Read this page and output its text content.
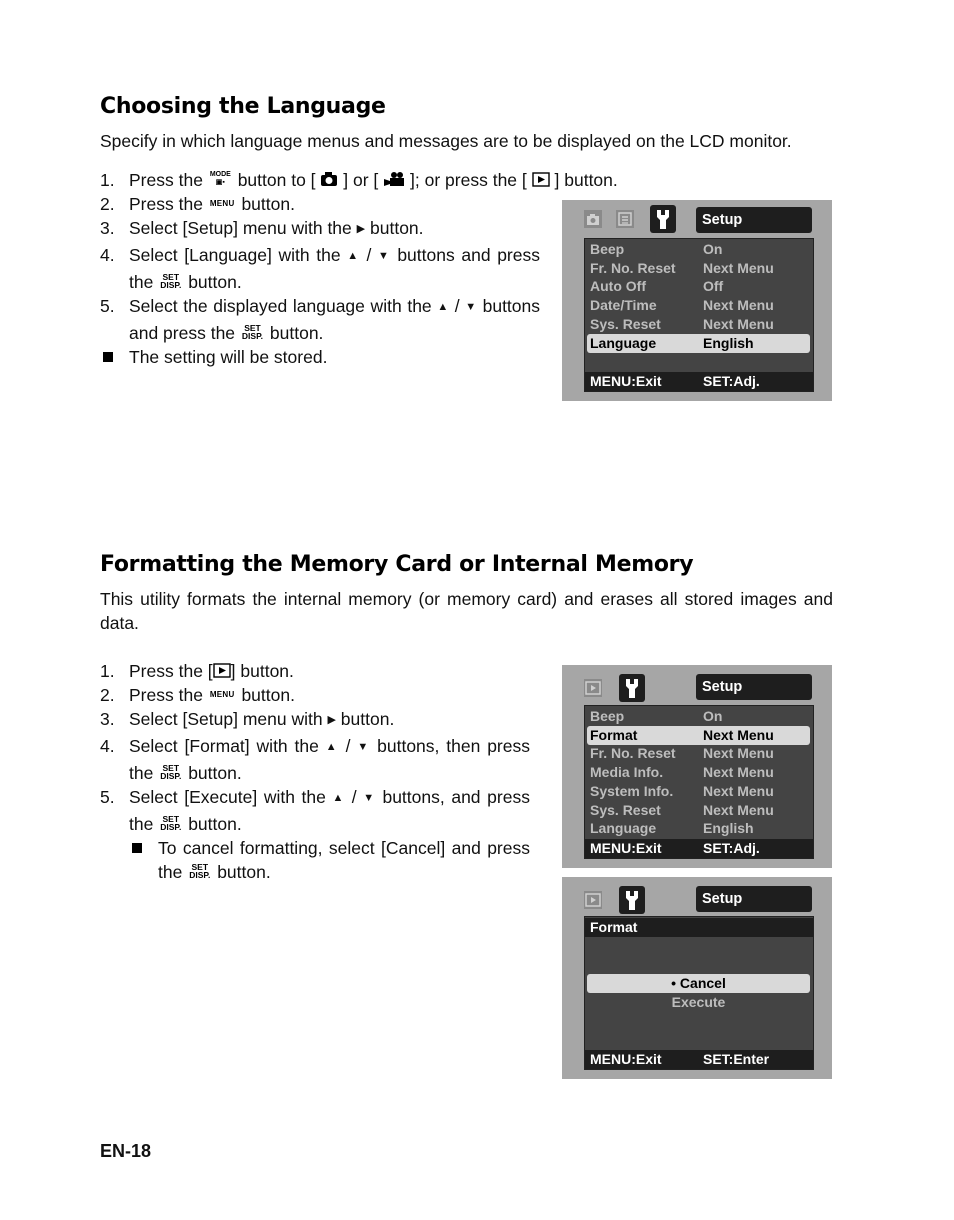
Choosing the Language

Specify in which language menus and messages are to be displayed on the LCD monitor.

1. Press the MODE
▣​▪ button to [ ] or [ ]; or press the [ ] button.
2. Press the MENU button.
3. Select [Setup] menu with the ▶ button.
4. Select [Language] with the ▲ / ▼ buttons and press the SET
DISP. button.
5. Select the displayed language with the ▲ / ▼ buttons and press the SET
DISP. button.
The setting will be stored.
Setup
Beep	On
Fr. No. Reset Next Menu
Auto Off	Off
Date/Time	Next Menu
Sys. Reset	Next Menu
Language	English
MENU:Exit	SET:Adj.
Formatting the Memory Card or Internal Memory

This utility formats the internal memory (or memory card) and erases all stored images and data.

1. Press the [ ] button.
2. Press the MENU button.
3. Select [Setup] menu with ▶ button.
4. Select [Format] with the ▲ / ▼ buttons, then press the SET
DISP. button.
5. Select [Execute] with the ▲ / ▼ buttons, and press the SET
DISP. button.
To cancel formatting, select [Cancel] and press the SET
DISP. button.
Setup
Beep	On
Format	Next Menu
Fr. No. Reset Next Menu
Media Info.	Next Menu
System Info. Next Menu
Sys. Reset	Next Menu
Language	English
MENU:Exit	SET:Adj.
Setup
Format
• Cancel
Execute
MENU:Exit	SET:Enter

EN-18
